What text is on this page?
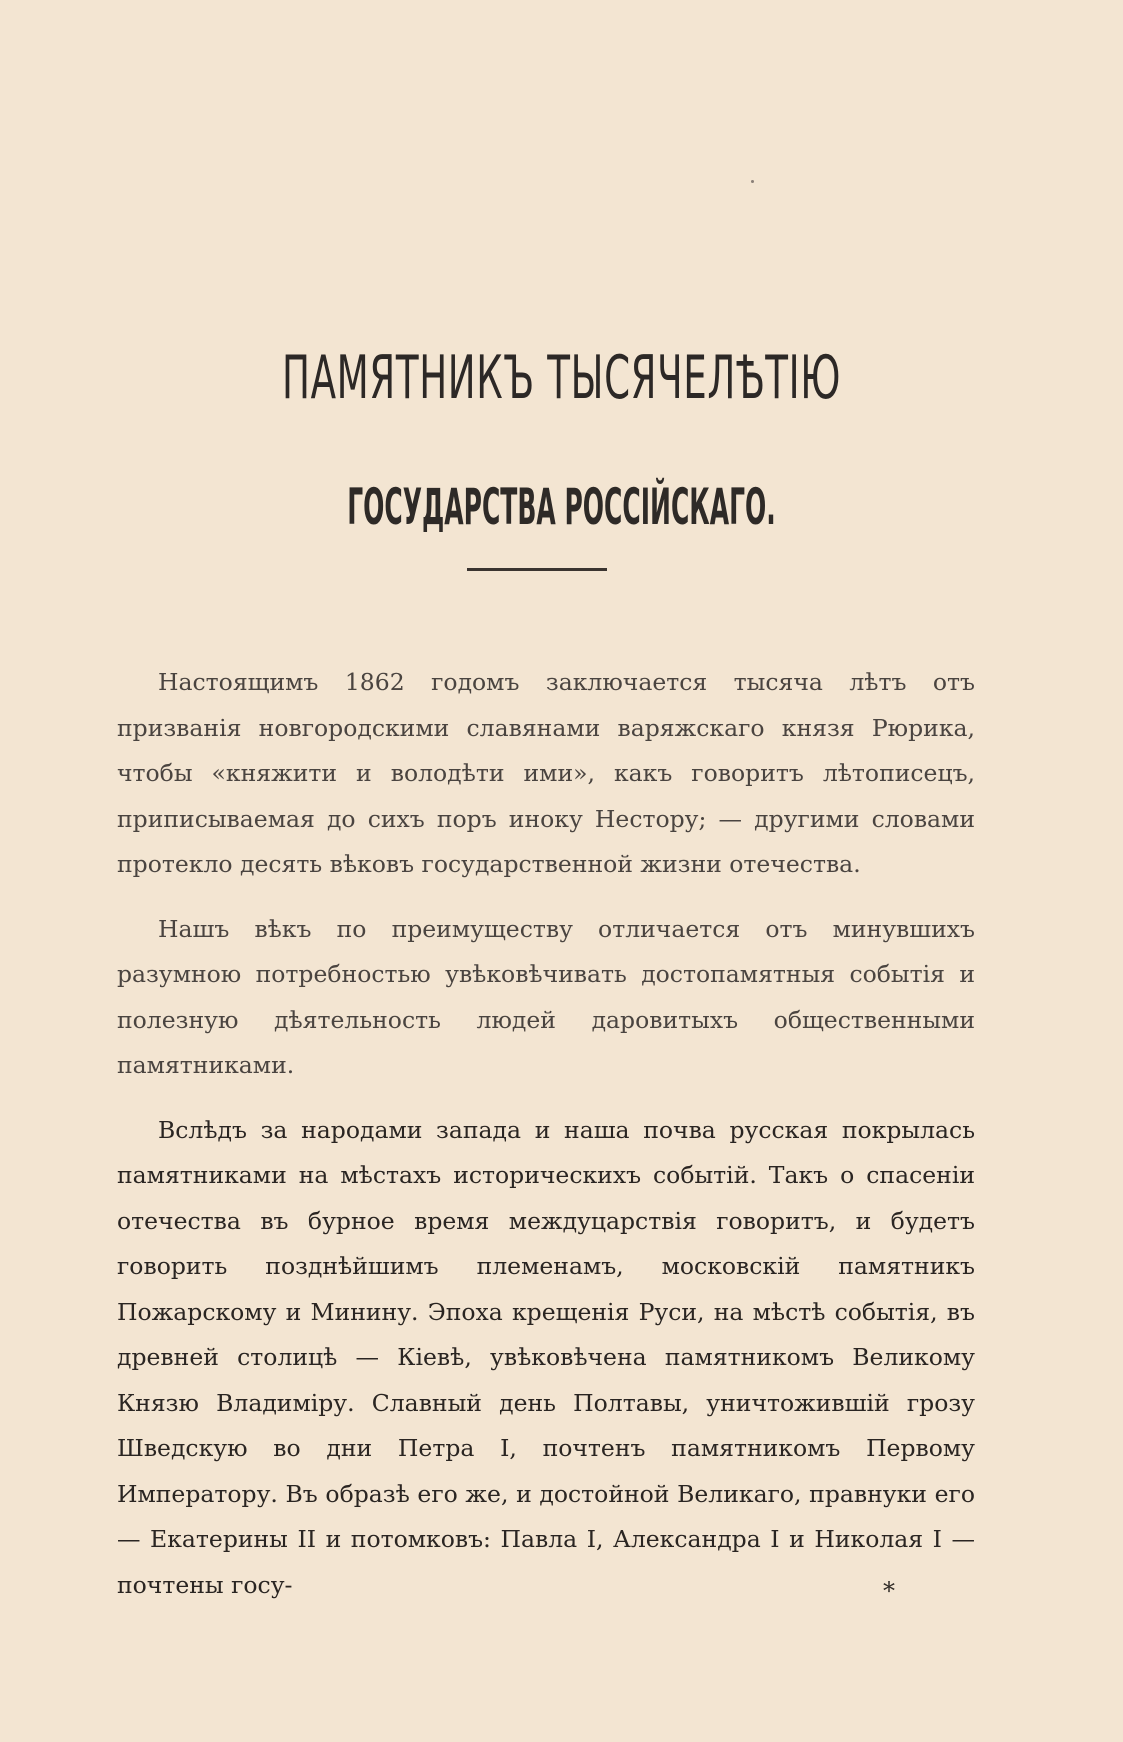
ПАМЯТНИКЪ ТЫСЯЧЕЛѢТІЮ
ГОСУДАРСТВА РОССІЙСКАГО.

Настоящимъ 1862 годомъ заключается тысяча лѣтъ отъ призванія новгородскими славянами варяжскаго князя Рюрика, чтобы «княжити и володѣти ими», какъ говоритъ лѣтописецъ, приписываемая до сихъ поръ иноку Нестору; — другими словами протекло десять вѣковъ государственной жизни отечества.

Нашъ вѣкъ по преимуществу отличается отъ минувшихъ разумною потребностью увѣковѣчивать достопамятныя событія и полезную дѣятельность людей даровитыхъ общественными памятниками.

Вслѣдъ за народами запада и наша почва русская покрылась памятниками на мѣстахъ историческихъ событій. Такъ о спасеніи отечества въ бурное время междуцарствія говоритъ, и будетъ говорить позднѣйшимъ племенамъ, московскій памятникъ Пожарскому и Минину. Эпоха крещенія Руси, на мѣстѣ событія, въ древней столицѣ — Кіевѣ, увѣковѣчена памятникомъ Великому Князю Владиміру. Славный день Полтавы, уничтожившій грозу Шведскую во дни Петра I, почтенъ памятникомъ Первому Императору. Въ образѣ его же, и достойной Великаго, правнуки его — Екатерины II и потомковъ: Павла I, Александра I и Николая I — почтены госу-	*
